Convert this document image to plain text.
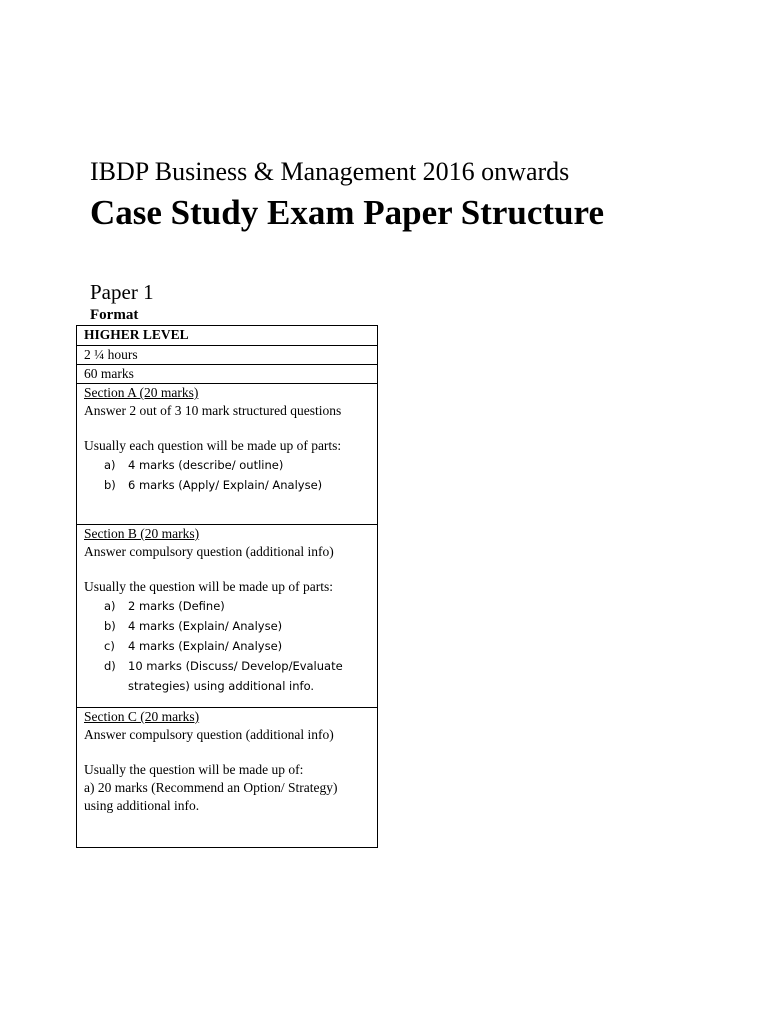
IBDP Business & Management 2016 onwards
Case Study Exam Paper Structure
Paper 1
Format
HIGHER LEVEL
2 ¼ hours
60 marks
Section A (20 marks)
Answer 2 out of 3 10 mark structured questions
Usually each question will be made up of parts:
a) 4 marks (describe/ outline)
b) 6 marks (Apply/ Explain/ Analyse)
Section B (20 marks)
Answer compulsory question (additional info)
Usually the question will be made up of parts:
a) 2 marks (Define)
b) 4 marks (Explain/ Analyse)
c) 4 marks (Explain/ Analyse)
d) 10 marks (Discuss/ Develop/Evaluate strategies) using additional info.
Section C (20 marks)
Answer compulsory question (additional info)
Usually the question will be made up of:
a) 20 marks (Recommend an Option/ Strategy)
using additional info.
